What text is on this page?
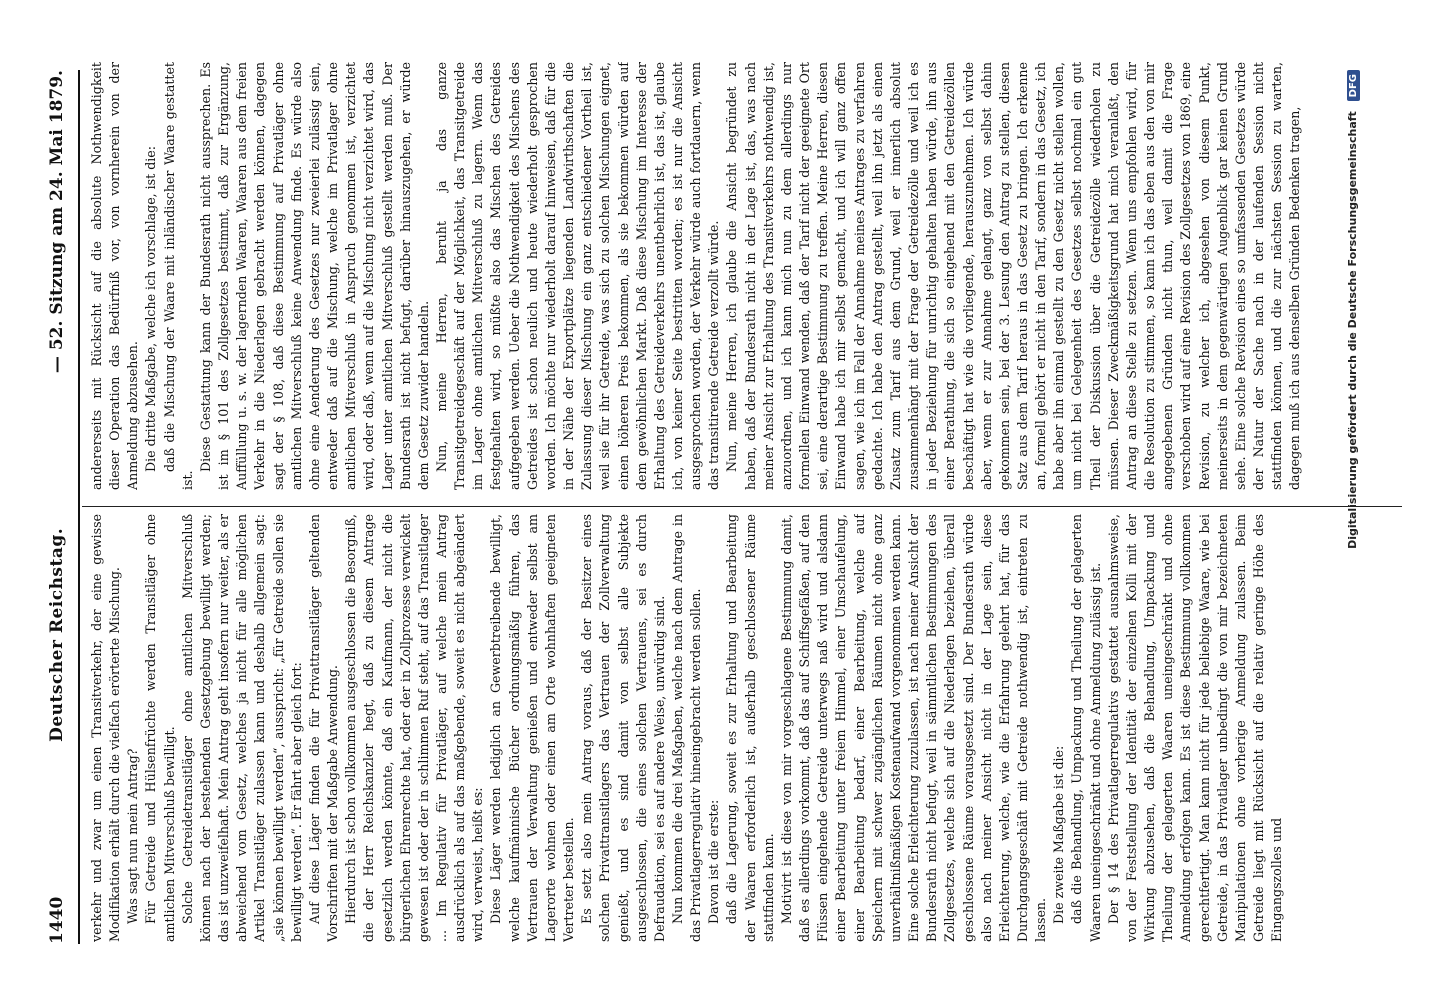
1440
Deutscher Reichstag.
— 52. Sitzung am 24. Mai 1879.

verkehr und zwar um einen Transitverkehr, der eine gewisse Modifikation erhält durch die vielfach erörterte Mischung. Was sagt nun mein Antrag? Für Getreide und Hülsenfrüchte werden Transitläger ohne amtlichen Mitverschluß bewilligt. Solche Getreidetransitläger ohne amtlichen Mitverschluß können nach der bestehenden Gesetzgebung bewilligt werden; das ist unzweifelhaft. Mein Antrag geht insofern nur weiter, als er abweichend vom Gesetz, welches ja nicht für alle möglichen Artikel Transitläger zulassen kann und deshalb allgemein sagt: „sie können bewilligt werden“, ausspricht: „für Getreide sollen sie bewilligt werden“. Er fährt aber gleich fort: Auf diese Läger finden die für Privattransitläger geltenden Vorschriften mit der Maßgabe Anwendung. Hierdurch ist schon vollkommen ausgeschlossen die Besorgniß, die der Herr Reichskanzler hegt, daß zu diesem Antrage gesetzlich werden könnte, daß ein Kaufmann, der nicht die bürgerlichen Ehrenrechte hat, oder der in Zollprozesse verwickelt gewesen ist oder der in schlimmen Ruf steht, auf das Transitlager ... Im Regulativ für Privatläger, auf welche mein Antrag ausdrücklich als auf das maßgebende, soweit es nicht abgeändert wird, verweist, heißt es: Diese Läger werden lediglich an Gewerbtreibende bewilligt, welche kaufmännische Bücher ordnungsmäßig führen, das Vertrauen der Verwaltung genießen und entweder selbst am Lagerorte wohnen oder einen am Orte wohnhaften geeigneten Vertreter bestellen. Es setzt also mein Antrag voraus, daß der Besitzer eines solchen Privattransitlagers das Vertrauen der Zollverwaltung genießt, und es sind damit von selbst alle Subjekte ausgeschlossen, die eines solchen Vertrauens, sei es durch Defraudation, sei es auf andere Weise, unwürdig sind. Nun kommen die drei Maßgaben, welche nach dem Antrage in das Privatlagerregulativ hineingebracht werden sollen. Davon ist die erste: daß die Lagerung, soweit es zur Erhaltung und Bearbeitung der Waaren erforderlich ist, außerhalb geschlossener Räume stattfinden kann. Motivirt ist diese von mir vorgeschlagene Bestimmung damit, daß es allerdings vorkommt, daß das auf Schiffsgefäßen, auf den Flüssen eingehende Getreide unterwegs naß wird und alsdann einer Bearbeitung unter freiem Himmel, einer Umschaufelung, einer Bearbeitung bedarf, einer Bearbeitung, welche auf Speichern mit schwer zugänglichen Räumen nicht ohne ganz unverhältnißmäßigen Kostenaufwand vorgenommen werden kann. Eine solche Erleichterung zuzulassen, ist nach meiner Ansicht der Bundesrath nicht befugt, weil in sämmtlichen Bestimmungen des Zollgesetzes, welche sich auf die Niederlagen beziehen, überall geschlossene Räume vorausgesetzt sind. Der Bundesrath würde also nach meiner Ansicht nicht in der Lage sein, diese Erleichterung, welche, wie die Erfahrung gelehrt hat, für das Durchgangsgeschäft mit Getreide nothwendig ist, eintreten zu lassen. Die zweite Maßgabe ist die: daß die Behandlung, Umpackung und Theilung der gelagerten Waaren uneingeschränkt und ohne Anmeldung zulässig ist. Der § 14 des Privatlagerregulativs gestattet ausnahmsweise, von der Feststellung der Identität der einzelnen Kolli mit der Wirkung abzusehen, daß die Behandlung, Umpackung und Theilung der gelagerten Waaren uneingeschränkt und ohne Anmeldung erfolgen kann. Es ist diese Bestimmung vollkommen gerechtfertigt. Man kann nicht für jede beliebige Waare, wie bei Getreide, in das Privatlager unbedingt die von mir bezeichneten Manipulationen ohne vorherige Anmeldung zulassen. Beim Getreide liegt mit Rücksicht auf die relativ geringe Höhe des Eingangszolles und

andererseits mit Rücksicht auf die absolute Nothwendigkeit dieser Operation das Bedürfniß vor, von vornherein von der Anmeldung abzusehen. Die dritte Maßgabe, welche ich vorschlage, ist die: daß die Mischung der Waare mit inländischer Waare gestattet ist.

Diese Gestattung kann der Bundesrath nicht aussprechen. Es ist im § 101 des Zollgesetzes bestimmt, daß zur Ergänzung, Auffüllung u. s. w. der lagernden Waaren, Waaren aus dem freien Verkehr in die Niederlagen gebracht werden können, dagegen sagt der § 108, daß diese Bestimmung auf Privatläger ohne amtlichen Mitverschluß keine Anwendung finde. Es würde also ohne eine Aenderung des Gesetzes nur zweierlei zulässig sein, entweder daß auf die Mischung, welche im Privatlager ohne amtlichen Mitverschluß in Anspruch genommen ist, verzichtet wird, oder daß, wenn auf die Mischung nicht verzichtet wird, das Lager unter amtlichen Mitverschluß gestellt werden muß. Der Bundesrath ist nicht befugt, darüber hinauszugehen, er würde dem Gesetz zuwider handeln. Nun, meine Herren, beruht ja das ganze Transitgetreidegeschäft auf der Möglichkeit, das Transitgetreide im Lager ohne amtlichen Mitverschluß zu lagern. Wenn das festgehalten wird, so müßte also das Mischen des Getreides aufgegeben werden. Ueber die Nothwendigkeit des Mischens des Getreides ist schon neulich und heute wiederholt gesprochen worden. Ich möchte nur wiederholt darauf hinweisen, daß für die in der Nähe der Exportplätze liegenden Landwirthschaften die Zulassung dieser Mischung ein ganz entschiedener Vortheil ist, weil sie für ihr Getreide, was sich zu solchen Mischungen eignet, einen höheren Preis bekommen, als sie bekommen würden auf dem gewöhnlichen Markt. Daß diese Mischung im Interesse der Erhaltung des Getreideverkehrs unentbehrlich ist, das ist, glaube ich, von keiner Seite bestritten worden; es ist nur die Ansicht ausgesprochen worden, der Verkehr würde auch fortdauern, wenn das transitirende Getreide verzollt würde. Nun, meine Herren, ich glaube die Ansicht begründet zu haben, daß der Bundesrath nicht in der Lage ist, das, was nach meiner Ansicht zur Erhaltung des Transitverkehrs nothwendig ist, anzuordnen, und ich kann mich nun zu dem allerdings nur formellen Einwand wenden, daß der Tarif nicht der geeignete Ort sei, eine derartige Bestimmung zu treffen. Meine Herren, diesen Einwand habe ich mir selbst gemacht, und ich will ganz offen sagen, wie ich im Fall der Annahme meines Antrages zu verfahren gedachte. Ich habe den Antrag gestellt, weil ihn jetzt als einen Zusatz zum Tarif aus dem Grund, weil er innerlich absolut zusammenhängt mit der Frage der Getreidezölle und weil ich es in jeder Beziehung für unrichtig gehalten haben würde, ihn aus einer Berathung, die sich so eingehend mit den Getreidezöllen beschäftigt hat wie die vorliegende, herauszunehmen. Ich würde aber, wenn er zur Annahme gelangt, ganz von selbst dahin gekommen sein, bei der 3. Lesung den Antrag zu stellen, diesen Satz aus dem Tarif heraus in das Gesetz zu bringen. Ich erkenne an, formell gehört er nicht in den Tarif, sondern in das Gesetz, ich habe aber ihn einmal gestellt zu den Gesetz nicht stellen wollen, um nicht bei Gelegenheit des Gesetzes selbst nochmal ein gut Theil der Diskussion über die Getreidezölle wiederholen zu müssen. Dieser Zweckmäßigkeitsgrund hat mich veranlaßt, den Antrag an diese Stelle zu setzen. Wenn uns empfohlen wird, für die Resolution zu stimmen, so kann ich das eben aus den von mir angegebenen Gründen nicht thun, weil damit die Frage verschoben wird auf eine Revision des Zollgesetzes von 1869, eine Revision, zu welcher ich, abgesehen von diesem Punkt, meinerseits in dem gegenwärtigen Augenblick gar keinen Grund sehe. Eine solche Revision eines so umfassenden Gesetzes würde der Natur der Sache nach in der laufenden Session nicht stattfinden können, und die zur nächsten Session zu warten, dagegen muß ich aus denselben Gründen Bedenken tragen,	Digitalisierung gefördert durch die Deutsche Forschungsgemeinschaft DFG
